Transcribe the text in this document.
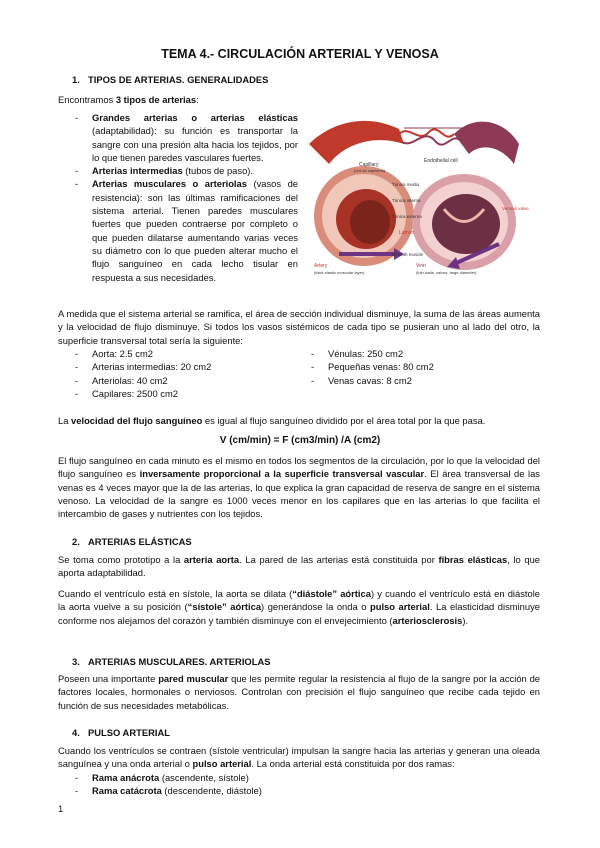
TEMA 4.- CIRCULACIÓN ARTERIAL Y VENOSA
1. TIPOS DE ARTERIAS. GENERALIDADES
Encontramos 3 tipos de arterias:
- Grandes arterias o arterias elásticas (adaptabilidad): su función es transportar la sangre con una presión alta hacia los tejidos, por lo que tienen paredes vasculares fuertes.
- Arterias intermedias (tubos de paso).
- Arterias musculares o arteriolas (vasos de resistencia): son las últimas ramificaciones del sistema arterial. Tienen paredes musculares fuertes que pueden contraerse por completo o que pueden dilatarse aumentando varias veces su diámetro con lo que pueden alterar mucho el flujo sanguíneo en cada lecho tisular en respuesta a sus necesidades.
Capillary
(red de capilares)
Endothelial cell
Túnica media
Túnica interna
Túnica externa
Lumen
Venous valve
Artery
(thick elastic muscular layer)
Vein
(thin walls, valves, large diameter)
Smooth muscle
A medida que el sistema arterial se ramifica, el área de sección individual disminuye, la suma de las áreas aumenta y la velocidad de flujo disminuye. Si todos los vasos sistémicos de cada tipo se pusieran uno al lado del otro, la superficie transversal total sería la siguiente:
- Aorta: 2.5 cm2
- Arterias intermedias: 20 cm2
- Arteriolas: 40 cm2
- Capilares: 2500 cm2
- Vénulas: 250 cm2
- Pequeñas venas: 80 cm2
- Venas cavas: 8 cm2
La velocidad del flujo sanguíneo es igual al flujo sanguíneo dividido por el área total por la que pasa.
V (cm/min) = F (cm3/min) /A (cm2)
El flujo sanguíneo en cada minuto es el mismo en todos los segmentos de la circulación, por lo que la velocidad del flujo sanguíneo es inversamente proporcional a la superficie transversal vascular. El área transversal de las venas es 4 veces mayor que la de las arterias, lo que explica la gran capacidad de reserva de sangre en el sistema venoso. La velocidad de la sangre es 1000 veces menor en los capilares que en las arterias lo que facilita el intercambio de gases y nutrientes con los tejidos.
2. ARTERIAS ELÁSTICAS
Se toma como prototipo a la arteria aorta. La pared de las arterias está constituida por fibras elásticas, lo que aporta adaptabilidad.
Cuando el ventrículo está en sístole, la aorta se dilata (“diástole” aórtica) y cuando el ventrículo está en diástole la aorta vuelve a su posición (“sístole” aórtica) generándose la onda o pulso arterial. La elasticidad disminuye conforme nos alejamos del corazón y también disminuye con el envejecimiento (arteriosclerosis).
3. ARTERIAS MUSCULARES. ARTERIOLAS
Poseen una importante pared muscular que les permite regular la resistencia al flujo de la sangre por la acción de factores locales, hormonales o nerviosos. Controlan con precisión el flujo sanguíneo que recibe cada tejido en función de sus necesidades metabólicas.
4. PULSO ARTERIAL
Cuando los ventrículos se contraen (sístole ventricular) impulsan la sangre hacia las arterias y generan una oleada sanguínea y una onda arterial o pulso arterial. La onda arterial está constituida por dos ramas:
- Rama anácrota (ascendente, sístole)
- Rama catácrota (descendente, diástole)
1
